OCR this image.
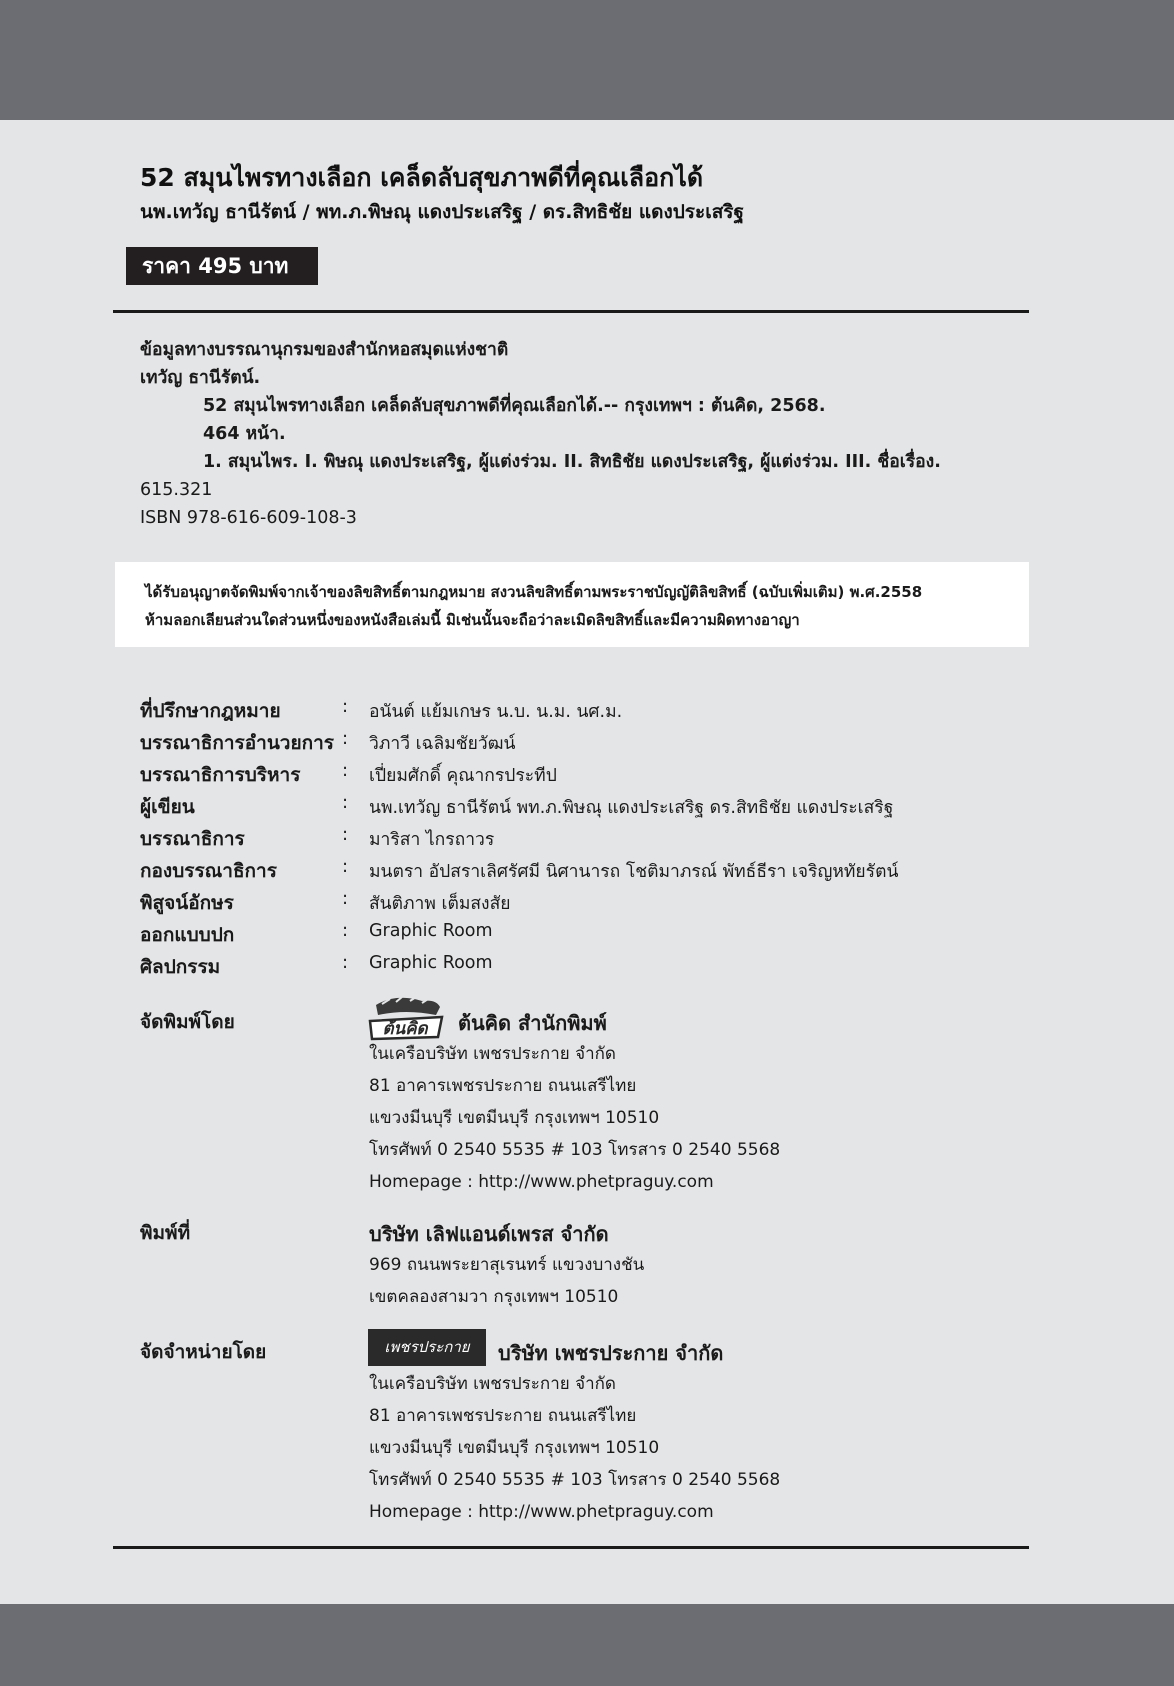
52 สมุนไพรทางเลือก เคล็ดลับสุขภาพดีที่คุณเลือกได้
นพ.เทวัญ ธานีรัตน์ / พท.ภ.พิษณุ แดงประเสริฐ / ดร.สิทธิชัย แดงประเสริฐ
ราคา 495 บาท
ข้อมูลทางบรรณานุกรมของสำนักหอสมุดแห่งชาติ
เทวัญ ธานีรัตน์.
52 สมุนไพรทางเลือก เคล็ดลับสุขภาพดีที่คุณเลือกได้.-- กรุงเทพฯ : ต้นคิด, 2568.
464 หน้า.
1. สมุนไพร. I. พิษณุ แดงประเสริฐ, ผู้แต่งร่วม. II. สิทธิชัย แดงประเสริฐ, ผู้แต่งร่วม. III. ชื่อเรื่อง.
615.321
ISBN 978-616-609-108-3
ได้รับอนุญาตจัดพิมพ์จากเจ้าของลิขสิทธิ์ตามกฎหมาย สงวนลิขสิทธิ์ตามพระราชบัญญัติลิขสิทธิ์ (ฉบับเพิ่มเติม) พ.ศ.2558
ห้ามลอกเลียนส่วนใดส่วนหนึ่งของหนังสือเล่มนี้ มิเช่นนั้นจะถือว่าละเมิดลิขสิทธิ์และมีความผิดทางอาญา
ที่ปรึกษากฎหมาย	: อนันต์ แย้มเกษร น.บ. น.ม. นศ.ม.
บรรณาธิการอำนวยการ : วิภาวี เฉลิมชัยวัฒน์
บรรณาธิการบริหาร : เปี่ยมศักดิ์ คุณากรประทีป
ผู้เขียน	: นพ.เทวัญ ธานีรัตน์ พท.ภ.พิษณุ แดงประเสริฐ ดร.สิทธิชัย แดงประเสริฐ
บรรณาธิการ	: มาริสา ไกรถาวร
กองบรรณาธิการ	: มนตรา อัปสราเลิศรัศมี นิศานารถ โชติมาภรณ์ พัทธ์ธีรา เจริญหทัยรัตน์
พิสูจน์อักษร	: สันติภาพ เต็มสงสัย
ออกแบบปก	: Graphic Room
ศิลปกรรม	: Graphic Room
จัดพิมพ์โดย	ต้นคิด สำนักพิมพ์
ในเครือบริษัท เพชรประกาย จำกัด
81 อาคารเพชรประกาย ถนนเสรีไทย
แขวงมีนบุรี เขตมีนบุรี กรุงเทพฯ 10510
โทรศัพท์ 0 2540 5535 # 103 โทรสาร 0 2540 5568
Homepage : http://www.phetpraguy.com
ต้นคิด
พิมพ์ที่	บริษัท เลิฟแอนด์เพรส จำกัด
969 ถนนพระยาสุเรนทร์ แขวงบางชัน
เขตคลองสามวา กรุงเทพฯ 10510
จัดจำหน่ายโดย	บริษัท เพชรประกาย จำกัด
ในเครือบริษัท เพชรประกาย จำกัด
81 อาคารเพชรประกาย ถนนเสรีไทย
แขวงมีนบุรี เขตมีนบุรี กรุงเทพฯ 10510
โทรศัพท์ 0 2540 5535 # 103 โทรสาร 0 2540 5568
Homepage : http://www.phetpraguy.com
เพชรประกาย
